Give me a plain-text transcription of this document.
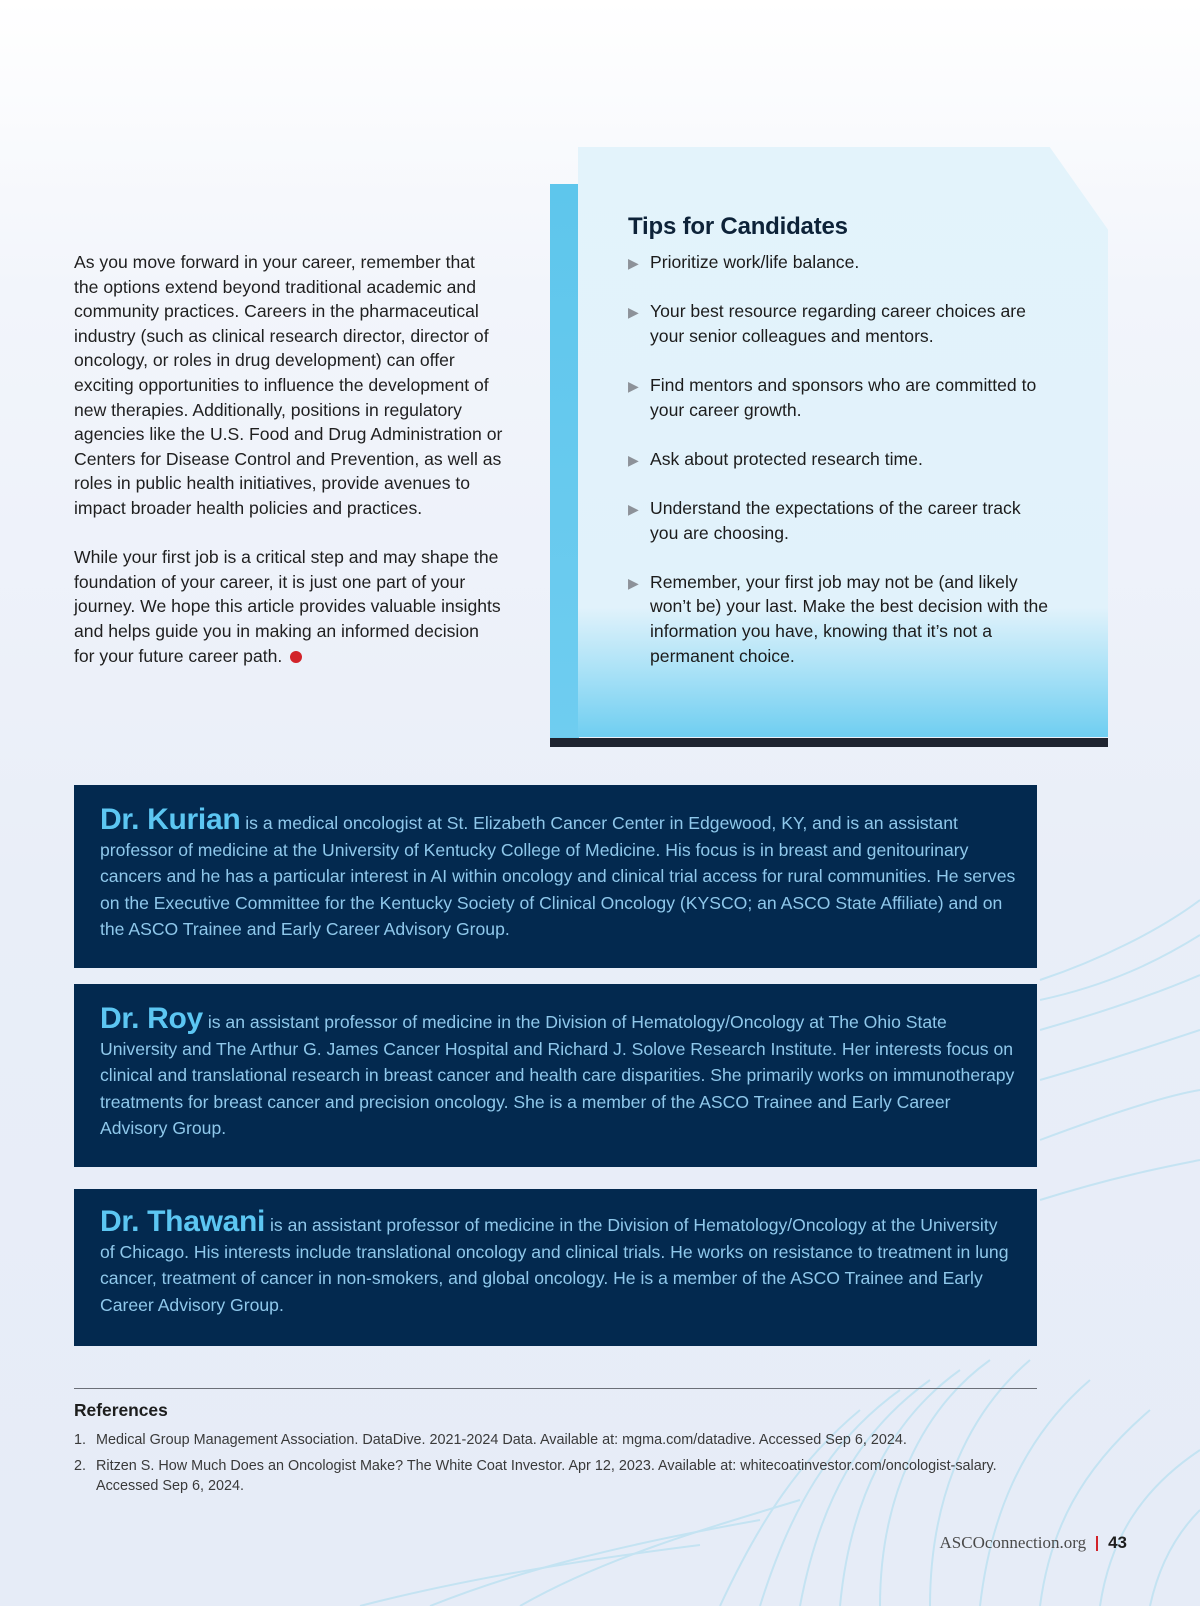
As you move forward in your career, remember that the options extend beyond traditional academic and community practices. Careers in the pharmaceutical industry (such as clinical research director, director of oncology, or roles in drug development) can offer exciting opportunities to influence the development of new therapies. Additionally, positions in regulatory agencies like the U.S. Food and Drug Administration or Centers for Disease Control and Prevention, as well as roles in public health initiatives, provide avenues to impact broader health policies and practices.

While your first job is a critical step and may shape the foundation of your career, it is just one part of your journey. We hope this article provides valuable insights and helps guide you in making an informed decision for your future career path.

Tips for Candidates
▶ Prioritize work/life balance.
▶ Your best resource regarding career choices are your senior colleagues and mentors.
▶ Find mentors and sponsors who are committed to your career growth.
▶ Ask about protected research time.
▶ Understand the expectations of the career track you are choosing.
▶ Remember, your first job may not be (and likely won’t be) your last. Make the best decision with the information you have, knowing that it’s not a permanent choice.
Dr. Kurian is a medical oncologist at St. Elizabeth Cancer Center in Edgewood, KY, and is an assistant professor of medicine at the University of Kentucky College of Medicine. His focus is in breast and genitourinary cancers and he has a particular interest in AI within oncology and clinical trial access for rural communities. He serves on the Executive Committee for the Kentucky Society of Clinical Oncology (KYSCO; an ASCO State Affiliate) and on the ASCO Trainee and Early Career Advisory Group.
Dr. Roy is an assistant professor of medicine in the Division of Hematology/Oncology at The Ohio State University and The Arthur G. James Cancer Hospital and Richard J. Solove Research Institute. Her interests focus on clinical and translational research in breast cancer and health care disparities. She primarily works on immunotherapy treatments for breast cancer and precision oncology. She is a member of the ASCO Trainee and Early Career Advisory Group.
Dr. Thawani is an assistant professor of medicine in the Division of Hematology/Oncology at the University of Chicago. His interests include translational oncology and clinical trials. He works on resistance to treatment in lung cancer, treatment of cancer in non-smokers, and global oncology. He is a member of the ASCO Trainee and Early Career Advisory Group.
References
1. Medical Group Management Association. DataDive. 2021-2024 Data. Available at: mgma.com/datadive. Accessed Sep 6, 2024.
2. Ritzen S. How Much Does an Oncologist Make? The White Coat Investor. Apr 12, 2023. Available at: whitecoatinvestor.com/oncologist-salary. Accessed Sep 6, 2024.
ASCOconnection.org 43
